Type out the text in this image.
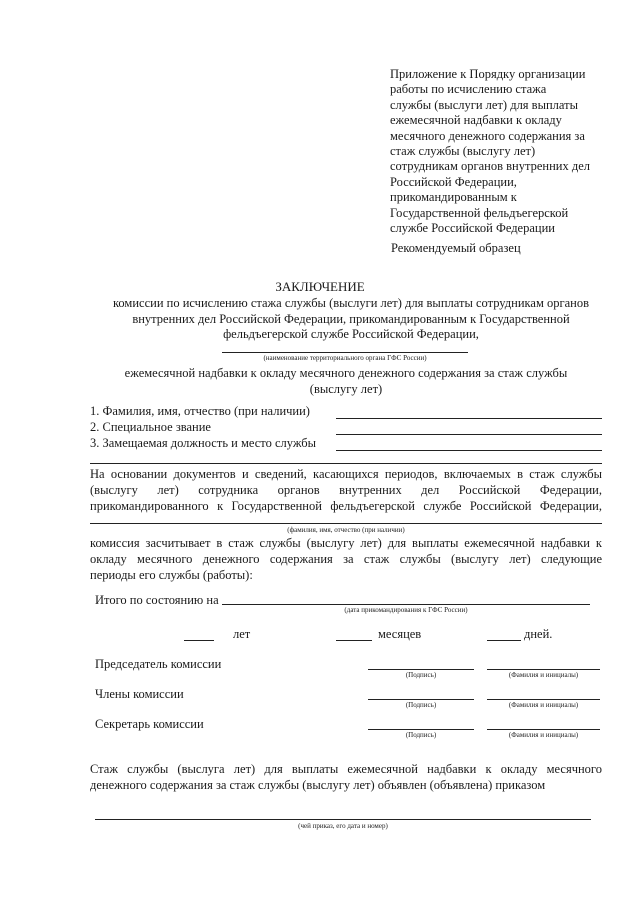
Приложение к Порядку организации
работы по исчислению стажа
службы (выслуги лет) для выплаты
ежемесячной надбавки к окладу
месячного денежного содержания за
стаж службы (выслугу лет)
сотрудникам органов внутренних дел
Российской Федерации,
прикомандированным к
Государственной фельдъегерской
службе Российской Федерации
Рекомендуемый образец
ЗАКЛЮЧЕНИЕ
комиссии по исчислению стажа службы (выслуги лет) для выплаты сотрудникам органов
внутренних дел Российской Федерации, прикомандированным к Государственной
фельдъегерской службе Российской Федерации,
(наименование территориального органа ГФС России)
ежемесячной надбавки к окладу месячного денежного содержания за стаж службы
(выслугу лет)
1. Фамилия, имя, отчество (при наличии)
2. Специальное звание
3. Замещаемая должность и место службы
На основании документов и сведений, касающихся периодов, включаемых в стаж службы
(выслугу лет) сотрудника органов внутренних дел Российской Федерации,
прикомандированного к Государственной фельдъегерской службе Российской Федерации,
(фамилия, имя, отчество (при наличии)
комиссия засчитывает в стаж службы (выслугу лет) для выплаты ежемесячной надбавки к
окладу месячного денежного содержания за стаж службы (выслугу лет) следующие
периоды его службы (работы):
Итого по состоянию на
(дата прикомандирования к ГФС России)
лет	месяцев	дней.
Председатель комиссии
(Подпись)	(Фамилия и инициалы)
Члены комиссии
(Подпись)	(Фамилия и инициалы)
Секретарь комиссии
(Подпись)	(Фамилия и инициалы)
Стаж службы (выслуга лет) для выплаты ежемесячной надбавки к окладу месячного
денежного содержания за стаж службы (выслугу лет) объявлен (объявлена) приказом
(чей приказ, его дата и номер)
